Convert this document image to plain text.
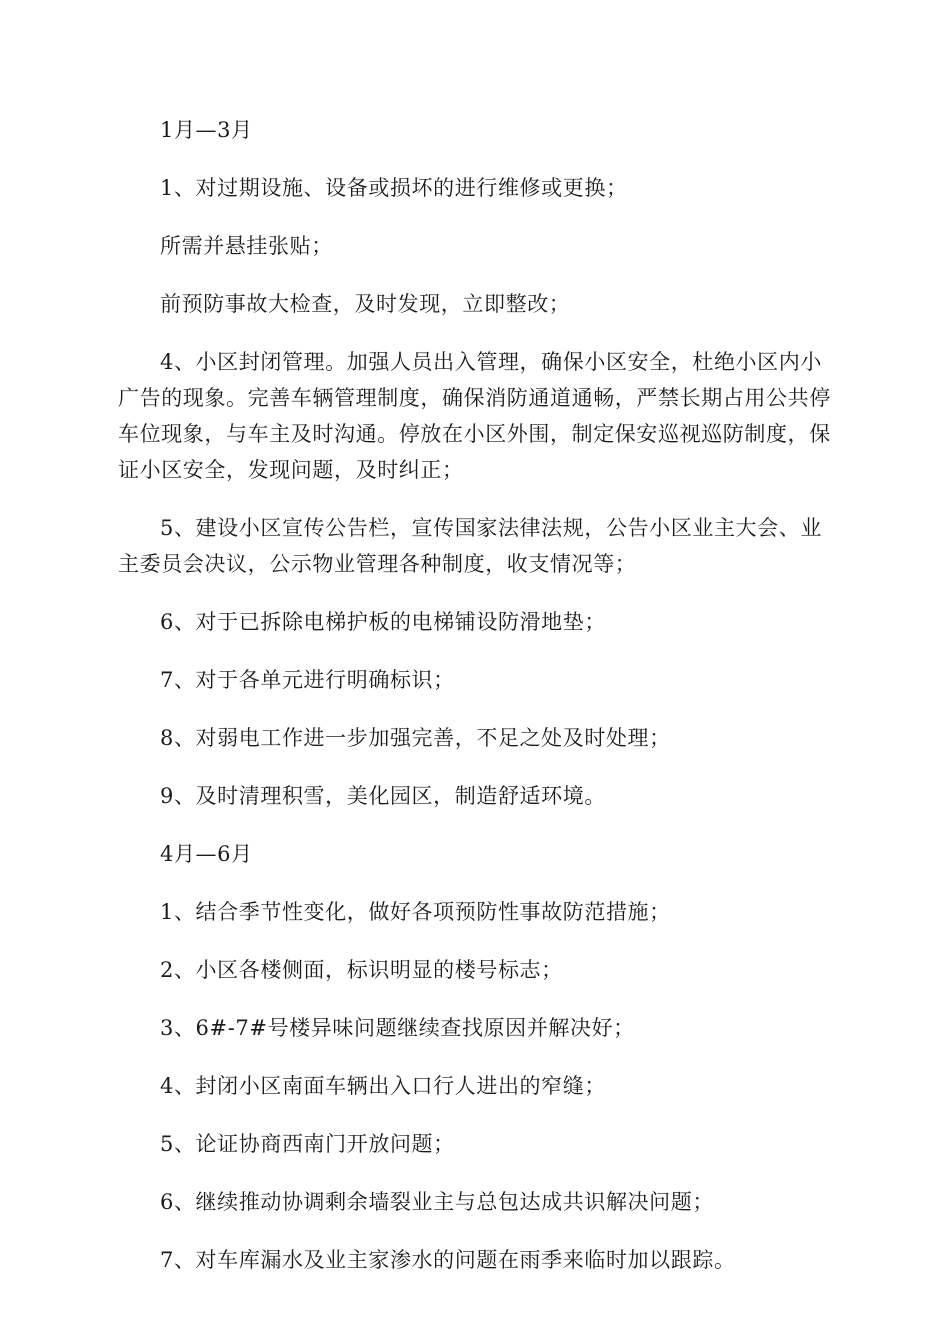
1月—3月

1、对过期设施、设备或损坏的进行维修或更换；

所需并悬挂张贴；

前预防事故大检查，及时发现，立即整改；

4、小区封闭管理。加强人员出入管理，确保小区安全，杜绝小区内小广告的现象。完善车辆管理制度，确保消防通道通畅，严禁长期占用公共停车位现象，与车主及时沟通。停放在小区外围，制定保安巡视巡防制度，保证小区安全，发现问题，及时纠正；

5、建设小区宣传公告栏，宣传国家法律法规，公告小区业主大会、业主委员会决议，公示物业管理各种制度，收支情况等；

6、对于已拆除电梯护板的电梯铺设防滑地垫；

7、对于各单元进行明确标识；

8、对弱电工作进一步加强完善，不足之处及时处理；

9、及时清理积雪，美化园区，制造舒适环境。

4月—6月

1、结合季节性变化，做好各项预防性事故防范措施；

2、小区各楼侧面，标识明显的楼号标志；

3、6#-7#号楼异味问题继续查找原因并解决好；

4、封闭小区南面车辆出入口行人进出的窄缝；

5、论证协商西南门开放问题；

6、继续推动协调剩余墙裂业主与总包达成共识解决问题；

7、对车库漏水及业主家渗水的问题在雨季来临时加以跟踪。
